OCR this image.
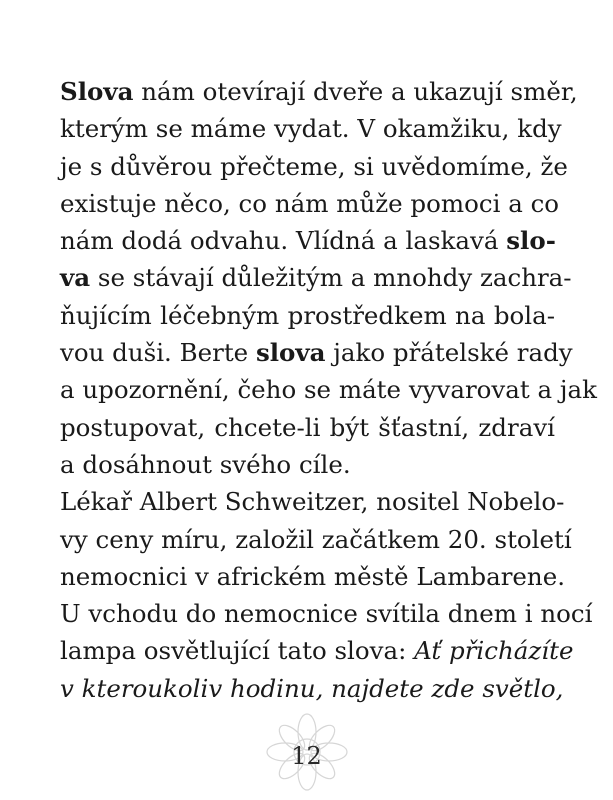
Slova nám otevírají dveře a ukazují směr,
kterým se máme vydat. V okamžiku, kdy
je s důvěrou přečteme, si uvědomíme, že
existuje něco, co nám může pomoci a co
nám dodá odvahu. Vlídná a laskavá slo-
va se stávají důležitým a mnohdy zachra-
ňujícím léčebným prostředkem na bola-
vou duši. Berte slova jako přátelské rady
a upozornění, čeho se máte vyvarovat a jak
postupovat, chcete-li být šťastní, zdraví
a dosáhnout svého cíle.
Lékař Albert Schweitzer, nositel Nobelo-
vy ceny míru, založil začátkem 20. století
nemocnici v africkém městě Lambarene.
U vchodu do nemocnice svítila dnem i nocí
lampa osvětlující tato slova: Ať přicházíte
v kteroukoliv hodinu, najdete zde světlo,
12
